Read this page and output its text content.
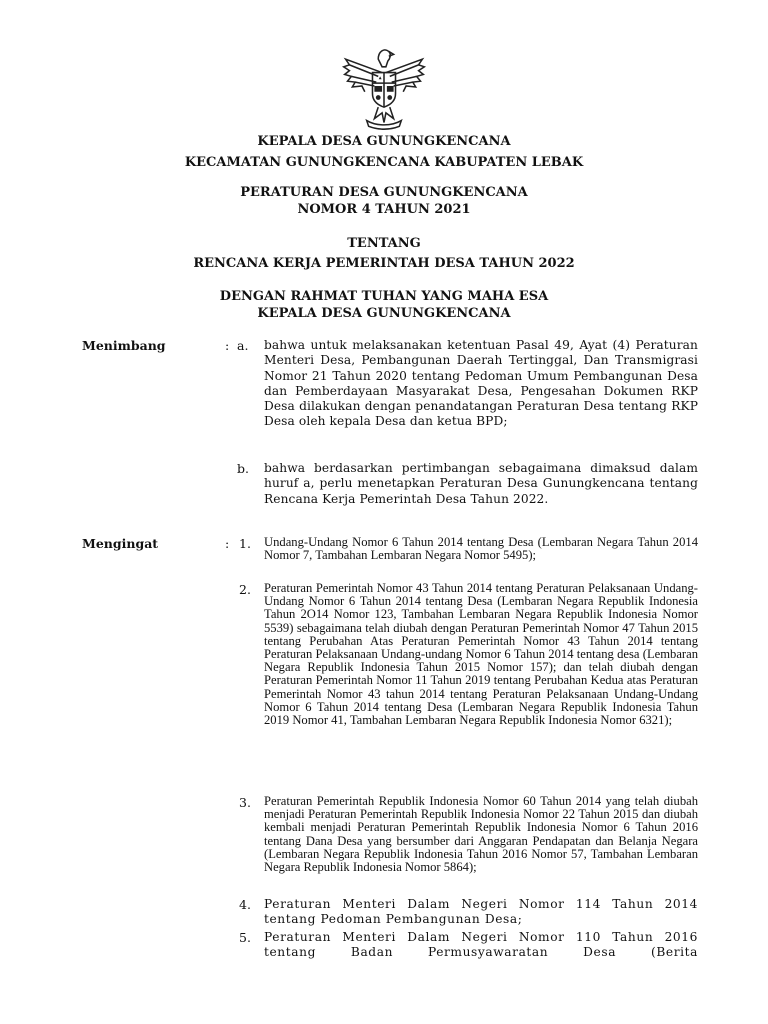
KEPALA DESA GUNUNGKENCANA
KECAMATAN GUNUNGKENCANA KABUPATEN LEBAK
PERATURAN DESA GUNUNGKENCANA
NOMOR 4 TAHUN 2021
TENTANG
RENCANA KERJA PEMERINTAH DESA TAHUN 2022
DENGAN RAHMAT TUHAN YANG MAHA ESA
KEPALA DESA GUNUNGKENCANA
Menimbang	: a. bahwa untuk melaksanakan ketentuan Pasal 49, Ayat (4) Peraturan Menteri Desa, Pembangunan Daerah Tertinggal, Dan Transmigrasi Nomor 21 Tahun 2020 tentang Pedoman Umum Pembangunan Desa dan Pemberdayaan Masyarakat Desa, Pengesahan Dokumen RKP Desa dilakukan dengan penandatangan Peraturan Desa tentang RKP Desa oleh kepala Desa dan ketua BPD;
b. bahwa berdasarkan pertimbangan sebagaimana dimaksud dalam huruf a, perlu menetapkan Peraturan Desa Gunungkencana tentang Rencana Kerja Pemerintah Desa Tahun 2022.
Mengingat	: 1. Undang-Undang Nomor 6 Tahun 2014 tentang Desa (Lembaran Negara Tahun 2014 Nomor 7, Tambahan Lembaran Negara Nomor 5495);
2. Peraturan Pemerintah Nomor 43 Tahun 2014 tentang Peraturan Pelaksanaan Undang-Undang Nomor 6 Tahun 2014 tentang Desa (Lembaran Negara Republik Indonesia Tahun 2O14 Nomor 123, Tambahan Lembaran Negara Republik Indonesia Nomor 5539) sebagaimana telah diubah dengan Peraturan Pemerintah Nomor 47 Tahun 2015 tentang Perubahan Atas Peraturan Pemerintah Nomor 43 Tahun 2014 tentang Peraturan Pelaksanaan Undang-undang Nomor 6 Tahun 2014 tentang desa (Lembaran Negara Republik Indonesia Tahun 2015 Nomor 157); dan telah diubah dengan Peraturan Pemerintah Nomor 11 Tahun 2019 tentang Perubahan Kedua atas Peraturan Pemerintah Nomor 43 tahun 2014 tentang Peraturan Pelaksanaan Undang-Undang Nomor 6 Tahun 2014 tentang Desa (Lembaran Negara Republik Indonesia Tahun 2019 Nomor 41, Tambahan Lembaran Negara Republik Indonesia Nomor 6321);
3. Peraturan Pemerintah Republik Indonesia Nomor 60 Tahun 2014 yang telah diubah menjadi Peraturan Pemerintah Republik Indonesia Nomor 22 Tahun 2015 dan diubah kembali menjadi Peraturan Pemerintah Republik Indonesia Nomor 6 Tahun 2016 tentang Dana Desa yang bersumber dari Anggaran Pendapatan dan Belanja Negara (Lembaran Negara Republik Indonesia Tahun 2016 Nomor 57, Tambahan Lembaran Negara Republik Indonesia Nomor 5864);
4. Peraturan Menteri Dalam Negeri Nomor 114 Tahun 2014 tentang Pedoman Pembangunan Desa;
5. Peraturan Menteri Dalam Negeri Nomor 110 Tahun 2016 tentang Badan Permusyawaratan Desa (Berita
